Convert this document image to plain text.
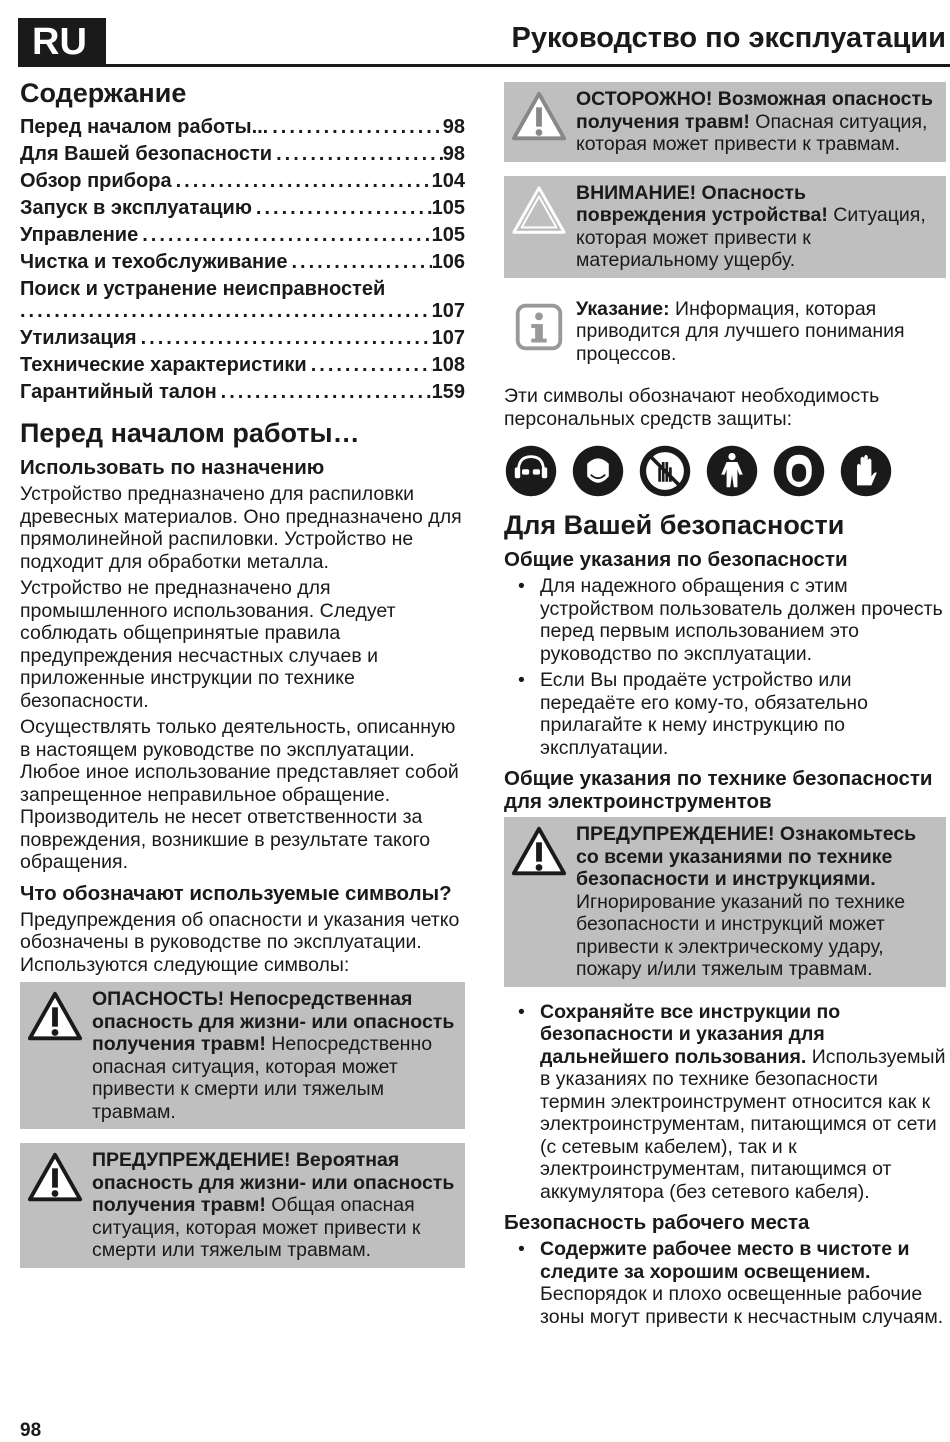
RU	Руководство по эксплуатации
Содержание
Перед началом работы... .....	98
Для Вашей безопасности .....	98
Обзор прибора .....	104
Запуск в эксплуатацию .....	105
Управление .....	105
Чистка и техобслуживание .....	106
Поиск и устранение неисправностей
.....
107
Утилизация .....	107
Технические характеристики .....	108
Гарантийный талон .....	159
Перед началом работы…
Использовать по назначению

Устройство предназначено для распиловки древесных материалов. Оно предназначено для прямолинейной распиловки. Устройство не подходит для обработки металла.

Устройство не предназначено для промышленного использования. Следует соблюдать общепринятые правила предупреждения несчастных случаев и приложенные инструкции по технике безопасности.

Осуществлять только деятельность, описанную в настоящем руководстве по эксплуатации. Любое иное использование представляет собой запрещенное неправильное обращение. Производитель не несет ответственности за повреждения, возникшие в результате такого обращения.

Что обозначают используемые символы?

Предупреждения об опасности и указания четко обозначены в руководстве по эксплуатации. Используются следующие символы:

ОПАСНОСТЬ! Непосредственная опасность для жизни- или опасность получения травм! Непосредственно опасная ситуация, которая может привести к смерти или тяжелым травмам.
ПРЕДУПРЕЖДЕНИЕ! Вероятная опасность для жизни- или опасность получения травм! Общая опасная ситуация, которая может привести к смерти или тяжелым травмам.
ОСТОРОЖНО! Возможная опасность получения травм! Опасная ситуация, которая может привести к травмам.
ВНИМАНИЕ! Опасность повреждения устройства! Ситуация, которая может привести к материальному ущербу.
Указание: Информация, которая приводится для лучшего понимания процессов.

Эти символы обозначают необходимость персональных средств защиты:

Для Вашей безопасности
Общие указания по безопасности
• Для надежного обращения с этим устройством пользователь должен прочесть перед первым использованием это руководство по эксплуатации.
• Если Вы продаёте устройство или передаёте его кому-то, обязательно прилагайте к нему инструкцию по эксплуатации.
Общие указания по технике безопасности для электроинструментов
ПРЕДУПРЕЖДЕНИЕ! Ознакомьтесь со всеми указаниями по технике безопасности и инструкциями. Игнорирование указаний по технике безопасности и инструкций может привести к электрическому удару, пожару и/или тяжелым травмам.
• Сохраняйте все инструкции по безопасности и указания для дальнейшего пользования. Используемый в указаниях по технике безопасности термин электроинструмент относится как к электроинструментам, питающимся от сети (с сетевым кабелем), так и к электроинструментам, питающимся от аккумулятора (без сетевого кабеля).
Безопасность рабочего места
• Содержите рабочее место в чистоте и следите за хорошим освещением. Беспорядок и плохо освещенные рабочие зоны могут привести к несчастным случаям.
98
